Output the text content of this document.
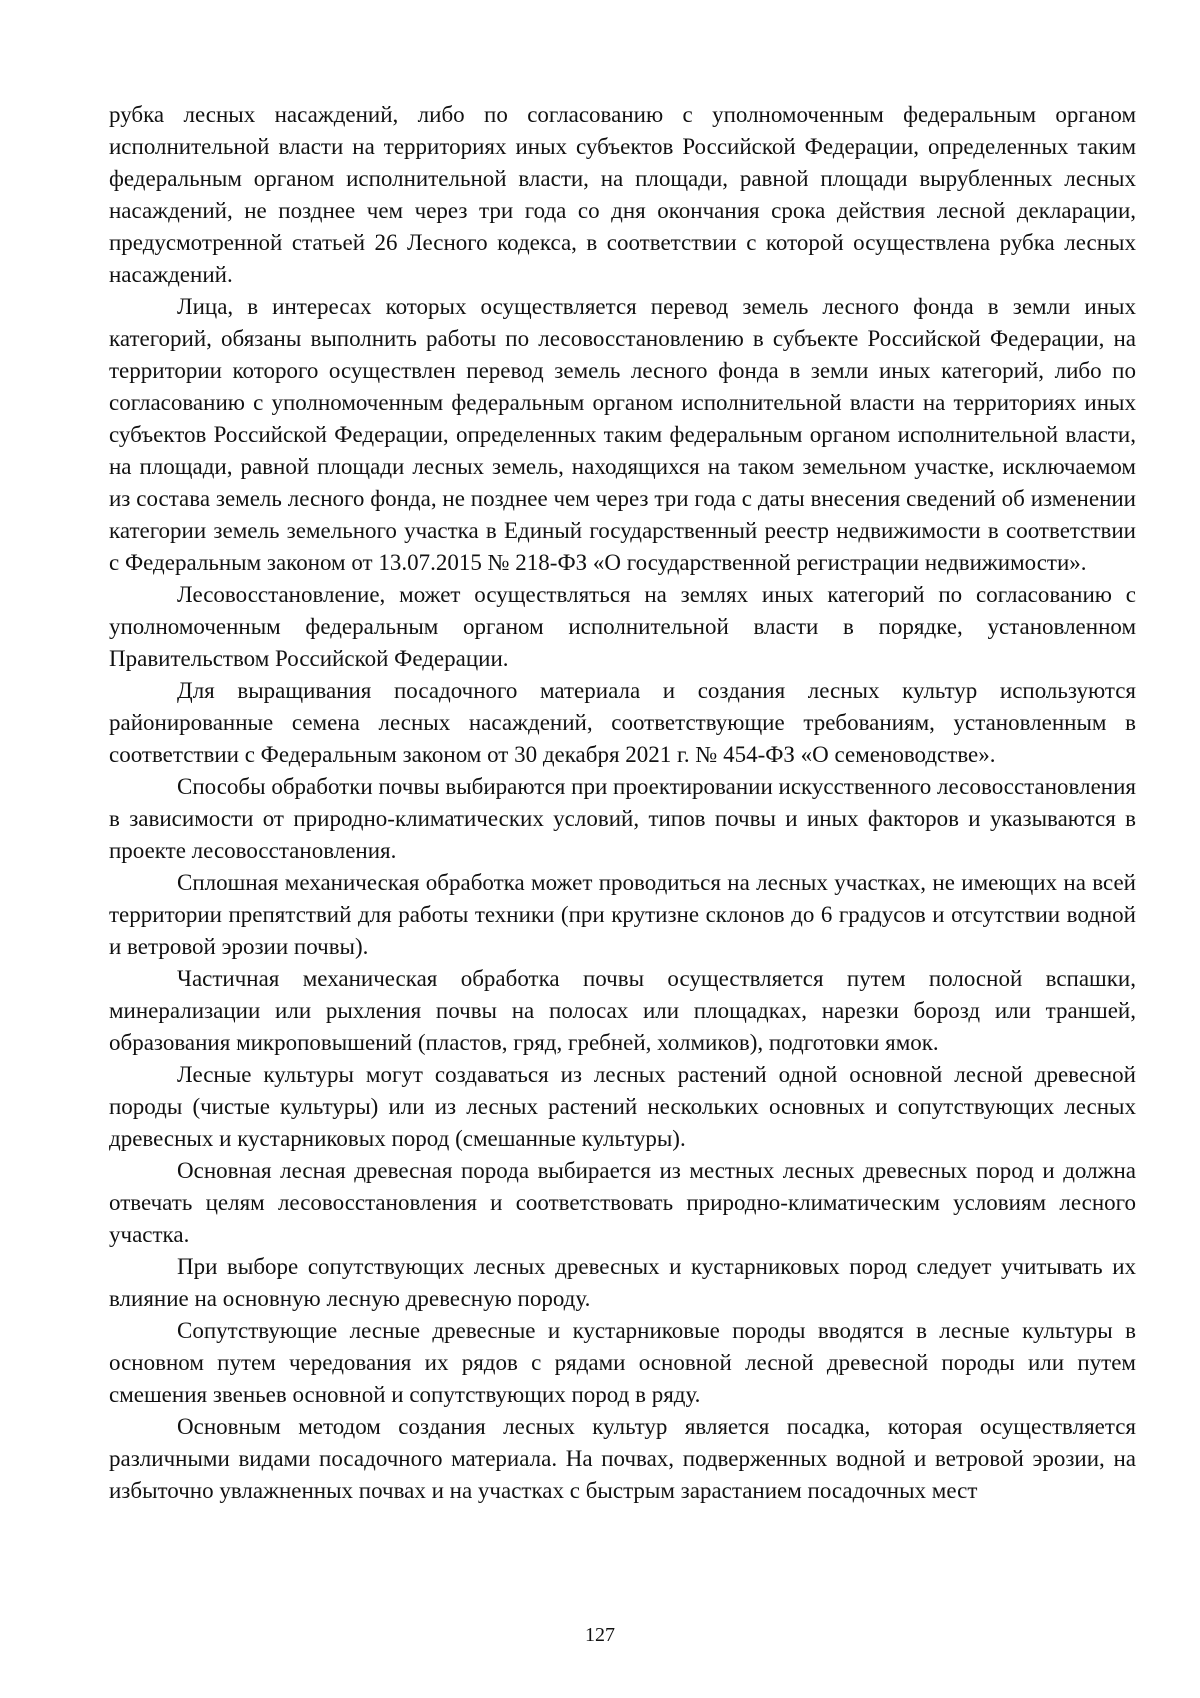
рубка лесных насаждений, либо по согласованию с уполномоченным федеральным органом исполнительной власти на территориях иных субъектов Российской Федерации, определенных таким федеральным органом исполнительной власти, на площади, равной площади вырубленных лесных насаждений, не позднее чем через три года со дня окончания срока действия лесной декларации, предусмотренной статьей 26 Лесного кодекса, в соответствии с которой осуществлена рубка лесных насаждений.

Лица, в интересах которых осуществляется перевод земель лесного фонда в земли иных категорий, обязаны выполнить работы по лесовосстановлению в субъекте Российской Федерации, на территории которого осуществлен перевод земель лесного фонда в земли иных категорий, либо по согласованию с уполномоченным федеральным органом исполнительной власти на территориях иных субъектов Российской Федерации, определенных таким федеральным органом исполнительной власти, на площади, равной площади лесных земель, находящихся на таком земельном участке, исключаемом из состава земель лесного фонда, не позднее чем через три года с даты внесения сведений об изменении категории земель земельного участка в Единый государственный реестр недвижимости в соответствии с Федеральным законом от 13.07.2015 № 218-ФЗ «О государственной регистрации недвижимости».

Лесовосстановление, может осуществляться на землях иных категорий по согласованию с уполномоченным федеральным органом исполнительной власти в порядке, установленном Правительством Российской Федерации.

Для выращивания посадочного материала и создания лесных культур используются районированные семена лесных насаждений, соответствующие требованиям, установленным в соответствии с Федеральным законом от 30 декабря 2021 г. № 454-ФЗ «О семеноводстве».

Способы обработки почвы выбираются при проектировании искусственного лесовосстановления в зависимости от природно-климатических условий, типов почвы и иных факторов и указываются в проекте лесовосстановления.

Сплошная механическая обработка может проводиться на лесных участках, не имеющих на всей территории препятствий для работы техники (при крутизне склонов до 6 градусов и отсутствии водной и ветровой эрозии почвы).

Частичная механическая обработка почвы осуществляется путем полосной вспашки, минерализации или рыхления почвы на полосах или площадках, нарезки борозд или траншей, образования микроповышений (пластов, гряд, гребней, холмиков), подготовки ямок.

Лесные культуры могут создаваться из лесных растений одной основной лесной древесной породы (чистые культуры) или из лесных растений нескольких основных и сопутствующих лесных древесных и кустарниковых пород (смешанные культуры).

Основная лесная древесная порода выбирается из местных лесных древесных пород и должна отвечать целям лесовосстановления и соответствовать природно-климатическим условиям лесного участка.

При выборе сопутствующих лесных древесных и кустарниковых пород следует учитывать их влияние на основную лесную древесную породу.

Сопутствующие лесные древесные и кустарниковые породы вводятся в лесные культуры в основном путем чередования их рядов с рядами основной лесной древесной породы или путем смешения звеньев основной и сопутствующих пород в ряду.

Основным методом создания лесных культур является посадка, которая осуществляется различными видами посадочного материала. На почвах, подверженных водной и ветровой эрозии, на избыточно увлажненных почвах и на участках с быстрым зарастанием посадочных мест

127
